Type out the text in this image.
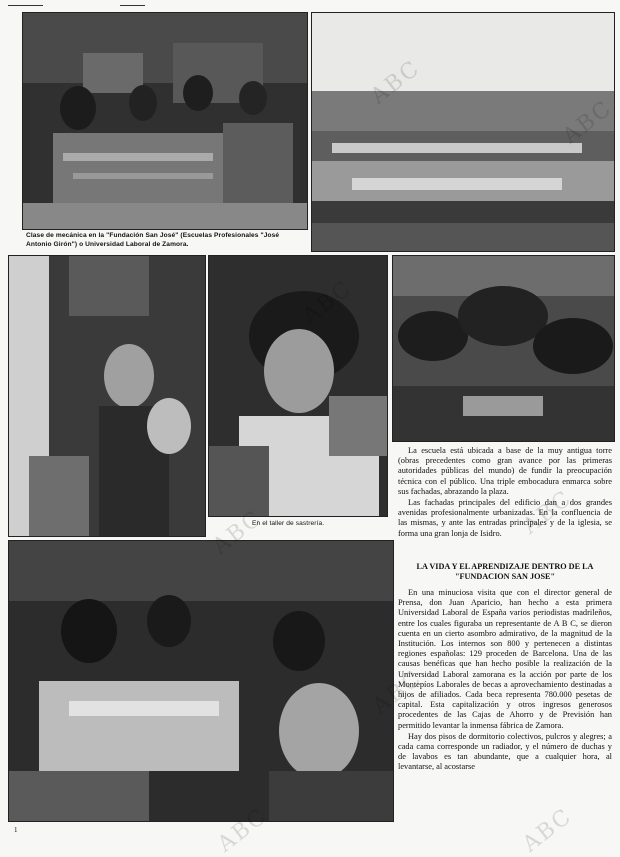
Clase de mecánica en la "Fundación San José" (Escuelas Profesionales "José Antonio Girón") o Universidad Laboral de Zamora.
En el taller de sastrería.

La escuela está ubicada a base de la muy antigua torre (obras precedentes como gran avance por las primeras autoridades públicas del mundo) de fundir la preocupación técnica con el público. Una triple embocadura enmarca sobre sus fachadas, abrazando la plaza.

Las fachadas principales del edificio dan a dos grandes avenidas profesionalmente urbanizadas. En la confluencia de las mismas, y ante las entradas principales y de la iglesia, se forma una gran lonja de Isidro.

LA VIDA Y EL APRENDIZAJE DENTRO DE LA "FUNDACION SAN JOSE"

En una minuciosa visita que con el director general de Prensa, don Juan Aparicio, han hecho a esta primera Universidad Laboral de España varios periodistas madrileños, entre los cuales figuraba un representante de A B C, se dieron cuenta en un cierto asombro admirativo, de la magnitud de la Institución. Los internos son 800 y pertenecen a distintas regiones españolas: 129 proceden de Barcelona. Una de las causas benéficas que han hecho posible la realización de la Universidad Laboral zamorana es la acción por parte de los Montepíos Laborales de becas a aprovechamiento destinadas a hijos de afiliados. Cada beca representa 780.000 pesetas de capital. Esta capitalización y otros ingresos generosos procedentes de las Cajas de Ahorro y de Previsión han permitido levantar la inmensa fábrica de Zamora.

Hay dos pisos de dormitorio colectivos, pulcros y alegres; a cada cama corresponde un radiador, y el número de duchas y de lavabos es tan abundante, que a cualquier hora, al levantarse, al acostarse

ABC	ABC
ABC
ABC	ABC
1
